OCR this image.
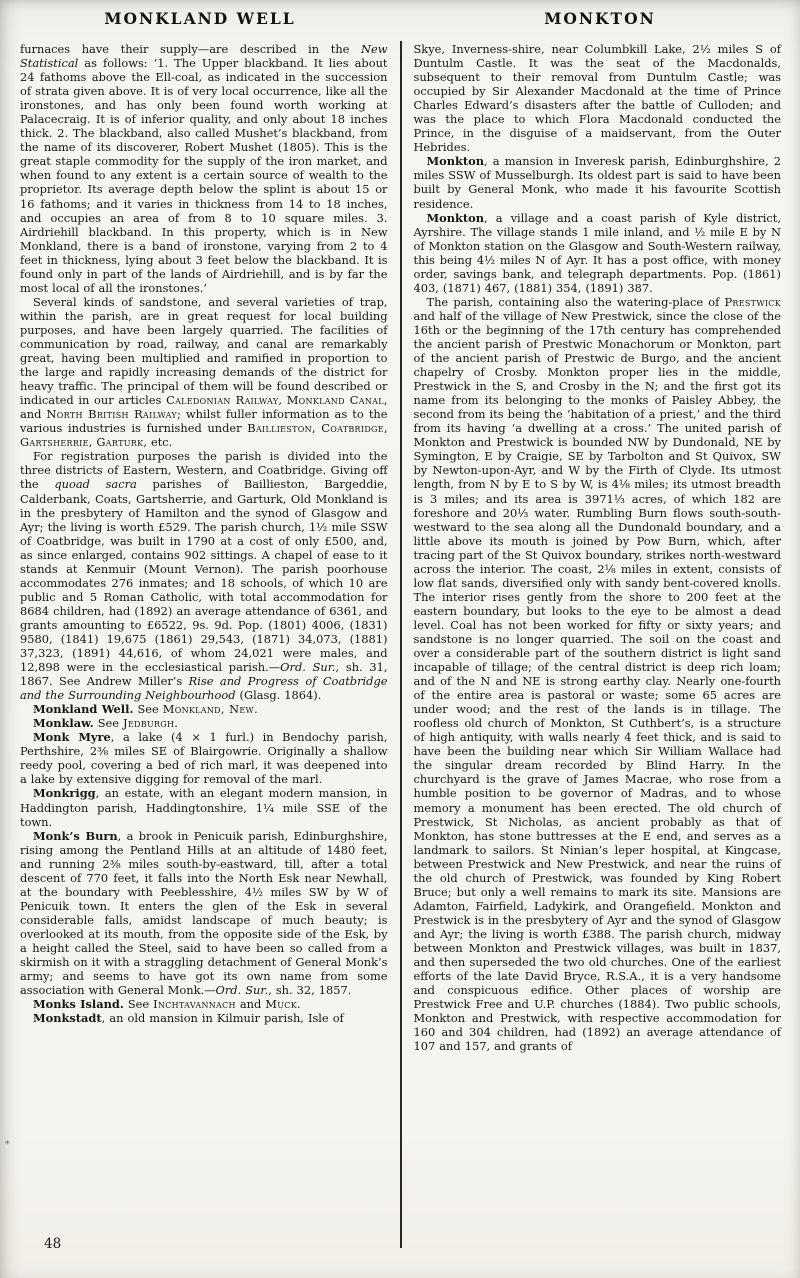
MONKLAND WELL	MONKTON

furnaces have their supply—are described in the New Statistical as follows: ‘1. The Upper blackband. It lies about 24 fathoms above the Ell-coal, as indicated in the succession of strata given above. It is of very local occurrence, like all the ironstones, and has only been found worth working at Palacecraig. It is of inferior quality, and only about 18 inches thick. 2. The blackband, also called Mushet’s blackband, from the name of its discoverer, Robert Mushet (1805). This is the great staple commodity for the supply of the iron market, and when found to any extent is a certain source of wealth to the proprietor. Its average depth below the splint is about 15 or 16 fathoms; and it varies in thickness from 14 to 18 inches, and occupies an area of from 8 to 10 square miles. 3. Airdriehill blackband. In this property, which is in New Monkland, there is a band of ironstone, varying from 2 to 4 feet in thickness, lying about 3 feet below the blackband. It is found only in part of the lands of Airdriehill, and is by far the most local of all the ironstones.’

Several kinds of sandstone, and several varieties of trap, within the parish, are in great request for local building purposes, and have been largely quarried. The facilities of communication by road, railway, and canal are remarkably great, having been multiplied and ramified in proportion to the large and rapidly increasing demands of the district for heavy traffic. The principal of them will be found described or indicated in our articles Caledonian Railway, Monkland Canal, and North British Railway; whilst fuller information as to the various industries is furnished under Baillieston, Coatbridge, Gartsherrie, Garturk, etc.

For registration purposes the parish is divided into the three districts of Eastern, Western, and Coatbridge. Giving off the quoad sacra parishes of Baillieston, Bargeddie, Calderbank, Coats, Gartsherrie, and Garturk, Old Monkland is in the presbytery of Hamilton and the synod of Glasgow and Ayr; the living is worth £529. The parish church, 1½ mile SSW of Coatbridge, was built in 1790 at a cost of only £500, and, as since enlarged, contains 902 sittings. A chapel of ease to it stands at Kenmuir (Mount Vernon). The parish poorhouse accommodates 276 inmates; and 18 schools, of which 10 are public and 5 Roman Catholic, with total accommodation for 8684 children, had (1892) an average attendance of 6361, and grants amounting to £6522, 9s. 9d. Pop. (1801) 4006, (1831) 9580, (1841) 19,675 (1861) 29,543, (1871) 34,073, (1881) 37,323, (1891) 44,616, of whom 24,021 were males, and 12,898 were in the ecclesiastical parish.—Ord. Sur., sh. 31, 1867. See Andrew Miller’s Rise and Progress of Coatbridge and the Surrounding Neighbourhood (Glasg. 1864).

Monkland Well. See Monkland, New.

Monklaw. See Jedburgh.

Monk Myre, a lake (4 × 1 furl.) in Bendochy parish, Perthshire, 2⅜ miles SE of Blairgowrie. Originally a shallow reedy pool, covering a bed of rich marl, it was deepened into a lake by extensive digging for removal of the marl.

Monkrigg, an estate, with an elegant modern mansion, in Haddington parish, Haddingtonshire, 1¼ mile SSE of the town.

Monk’s Burn, a brook in Penicuik parish, Edinburghshire, rising among the Pentland Hills at an altitude of 1480 feet, and running 2⅜ miles south-by-eastward, till, after a total descent of 770 feet, it falls into the North Esk near Newhall, at the boundary with Peeblesshire, 4½ miles SW by W of Penicuik town. It enters the glen of the Esk in several considerable falls, amidst landscape of much beauty; is overlooked at its mouth, from the opposite side of the Esk, by a height called the Steel, said to have been so called from a skirmish on it with a straggling detachment of General Monk’s army; and seems to have got its own name from some association with General Monk.—Ord. Sur., sh. 32, 1857.

Monks Island. See Inchtavannach and Muck.

Monkstadt, an old mansion in Kilmuir parish, Isle of

Skye, Inverness-shire, near Columbkill Lake, 2½ miles S of Duntulm Castle. It was the seat of the Macdonalds, subsequent to their removal from Duntulm Castle; was occupied by Sir Alexander Macdonald at the time of Prince Charles Edward’s disasters after the battle of Culloden; and was the place to which Flora Macdonald conducted the Prince, in the disguise of a maidservant, from the Outer Hebrides.

Monkton, a mansion in Inveresk parish, Edinburghshire, 2 miles SSW of Musselburgh. Its oldest part is said to have been built by General Monk, who made it his favourite Scottish residence.

Monkton, a village and a coast parish of Kyle district, Ayrshire. The village stands 1 mile inland, and ½ mile E by N of Monkton station on the Glasgow and South-Western railway, this being 4½ miles N of Ayr. It has a post office, with money order, savings bank, and telegraph departments. Pop. (1861) 403, (1871) 467, (1881) 354, (1891) 387.

The parish, containing also the watering-place of Prestwick and half of the village of New Prestwick, since the close of the 16th or the beginning of the 17th century has comprehended the ancient parish of Prestwic Monachorum or Monkton, part of the ancient parish of Prestwic de Burgo, and the ancient chapelry of Crosby. Monkton proper lies in the middle, Prestwick in the S, and Crosby in the N; and the first got its name from its belonging to the monks of Paisley Abbey, the second from its being the ‘habitation of a priest,’ and the third from its having ‘a dwelling at a cross.’ The united parish of Monkton and Prestwick is bounded NW by Dundonald, NE by Symington, E by Craigie, SE by Tarbolton and St Quivox, SW by Newton-upon-Ayr, and W by the Firth of Clyde. Its utmost length, from N by E to S by W, is 4⅛ miles; its utmost breadth is 3 miles; and its area is 3971⅓ acres, of which 182 are foreshore and 20⅓ water. Rumbling Burn flows south-south-westward to the sea along all the Dundonald boundary, and a little above its mouth is joined by Pow Burn, which, after tracing part of the St Quivox boundary, strikes north-westward across the interior. The coast, 2⅛ miles in extent, consists of low flat sands, diversified only with sandy bent-covered knolls. The interior rises gently from the shore to 200 feet at the eastern boundary, but looks to the eye to be almost a dead level. Coal has not been worked for fifty or sixty years; and sandstone is no longer quarried. The soil on the coast and over a considerable part of the southern district is light sand incapable of tillage; of the central district is deep rich loam; and of the N and NE is strong earthy clay. Nearly one-fourth of the entire area is pastoral or waste; some 65 acres are under wood; and the rest of the lands is in tillage. The roofless old church of Monkton, St Cuthbert’s, is a structure of high antiquity, with walls nearly 4 feet thick, and is said to have been the building near which Sir William Wallace had the singular dream recorded by Blind Harry. In the churchyard is the grave of James Macrae, who rose from a humble position to be governor of Madras, and to whose memory a monument has been erected. The old church of Prestwick, St Nicholas, as ancient probably as that of Monkton, has stone buttresses at the E end, and serves as a landmark to sailors. St Ninian’s leper hospital, at Kingcase, between Prestwick and New Prestwick, and near the ruins of the old church of Prestwick, was founded by King Robert Bruce; but only a well remains to mark its site. Mansions are Adamton, Fairfield, Ladykirk, and Orangefield. Monkton and Prestwick is in the presbytery of Ayr and the synod of Glasgow and Ayr; the living is worth £388. The parish church, midway between Monkton and Prestwick villages, was built in 1837, and then superseded the two old churches. One of the earliest efforts of the late David Bryce, R.S.A., it is a very handsome and conspicuous edifice. Other places of worship are Prestwick Free and U.P. churches (1884). Two public schools, Monkton and Prestwick, with respective accommodation for 160 and 304 children, had (1892) an average attendance of 107 and 157, and grants of

*
48
